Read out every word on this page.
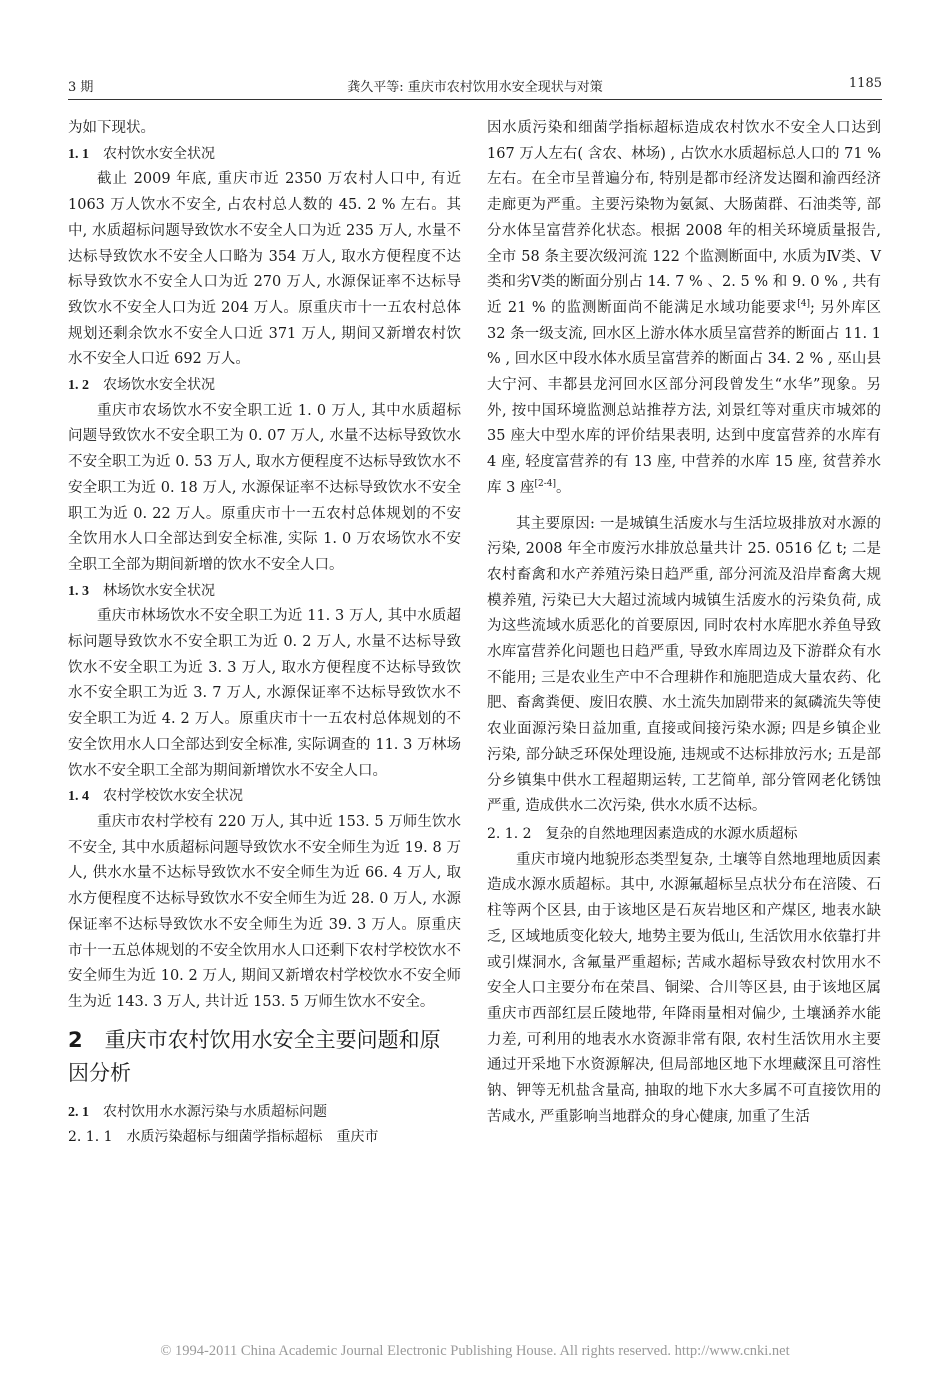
3 期	龚久平等: 重庆市农村饮用水安全现状与对策	1185

为如下现状。

1. 1 农村饮水安全状况

截止 2009 年底, 重庆市近 2350 万农村人口中, 有近 1063 万人饮水不安全, 占农村总人数的 45. 2 % 左右。其中, 水质超标问题导致饮水不安全人口为近 235 万人, 水量不达标导致饮水不安全人口略为 354 万人, 取水方便程度不达标导致饮水不安全人口为近 270 万人, 水源保证率不达标导致饮水不安全人口为近 204 万人。原重庆市十一五农村总体规划还剩余饮水不安全人口近 371 万人, 期间又新增农村饮水不安全人口近 692 万人。

1. 2 农场饮水安全状况

重庆市农场饮水不安全职工近 1. 0 万人, 其中水质超标问题导致饮水不安全职工为 0. 07 万人, 水量不达标导致饮水不安全职工为近 0. 53 万人, 取水方便程度不达标导致饮水不安全职工为近 0. 18 万人, 水源保证率不达标导致饮水不安全职工为近 0. 22 万人。原重庆市十一五农村总体规划的不安全饮用水人口全部达到安全标准, 实际 1. 0 万农场饮水不安全职工全部为期间新增的饮水不安全人口。

1. 3 林场饮水安全状况

重庆市林场饮水不安全职工为近 11. 3 万人, 其中水质超标问题导致饮水不安全职工为近 0. 2 万人, 水量不达标导致饮水不安全职工为近 3. 3 万人, 取水方便程度不达标导致饮水不安全职工为近 3. 7 万人, 水源保证率不达标导致饮水不安全职工为近 4. 2 万人。原重庆市十一五农村总体规划的不安全饮用水人口全部达到安全标准, 实际调查的 11. 3 万林场饮水不安全职工全部为期间新增饮水不安全人口。

1. 4 农村学校饮水安全状况

重庆市农村学校有 220 万人, 其中近 153. 5 万师生饮水不安全, 其中水质超标问题导致饮水不安全师生为近 19. 8 万人, 供水水量不达标导致饮水不安全师生为近 66. 4 万人, 取水方便程度不达标导致饮水不安全师生为近 28. 0 万人, 水源保证率不达标导致饮水不安全师生为近 39. 3 万人。原重庆市十一五总体规划的不安全饮用水人口还剩下农村学校饮水不安全师生为近 10. 2 万人, 期间又新增农村学校饮水不安全师生为近 143. 3 万人, 共计近 153. 5 万师生饮水不安全。

2 重庆市农村饮用水安全主要问题和原因分析
2. 1 农村饮用水水源污染与水质超标问题
2. 1. 1 水质污染超标与细菌学指标超标  重庆市

因水质污染和细菌学指标超标造成农村饮水不安全人口达到 167 万人左右( 含农、林场) , 占饮水水质超标总人口的 71 % 左右。在全市呈普遍分布, 特别是都市经济发达圈和渝西经济走廊更为严重。主要污染物为氨氮、大肠菌群、石油类等, 部分水体呈富营养化状态。根据 2008 年的相关环境质量报告, 全市 58 条主要次级河流 122 个监测断面中, 水质为Ⅳ类、Ⅴ类和劣Ⅴ类的断面分别占 14. 7 % 、2. 5 % 和 9. 0 % , 共有近 21 % 的监测断面尚不能满足水域功能要求[4]; 另外库区 32 条一级支流, 回水区上游水体水质呈富营养的断面占 11. 1 % , 回水区中段水体水质呈富营养的断面占 34. 2 % , 巫山县大宁河、丰都县龙河回水区部分河段曾发生“水华”现象。另外, 按中国环境监测总站推荐方法, 刘景红等对重庆市城郊的 35 座大中型水库的评价结果表明, 达到中度富营养的水库有 4 座, 轻度富营养的有 13 座, 中营养的水库 15 座, 贫营养水库 3 座[2-4]。

其主要原因: 一是城镇生活废水与生活垃圾排放对水源的污染, 2008 年全市废污水排放总量共计 25. 0516 亿 t; 二是农村畜禽和水产养殖污染日趋严重, 部分河流及沿岸畜禽大规模养殖, 污染已大大超过流域内城镇生活废水的污染负荷, 成为这些流域水质恶化的首要原因, 同时农村水库肥水养鱼导致水库富营养化问题也日趋严重, 导致水库周边及下游群众有水不能用; 三是农业生产中不合理耕作和施肥造成大量农药、化肥、畜禽粪便、废旧农膜、水土流失加剧带来的氮磷流失等使农业面源污染日益加重, 直接或间接污染水源; 四是乡镇企业污染, 部分缺乏环保处理设施, 违规或不达标排放污水; 五是部分乡镇集中供水工程超期运转, 工艺简单, 部分管网老化锈蚀严重, 造成供水二次污染, 供水水质不达标。

2. 1. 2 复杂的自然地理因素造成的水源水质超标

重庆市境内地貌形态类型复杂, 土壤等自然地理地质因素造成水源水质超标。其中, 水源氟超标呈点状分布在涪陵、石柱等两个区县, 由于该地区是石灰岩地区和产煤区, 地表水缺乏, 区域地质变化较大, 地势主要为低山, 生活饮用水依靠打井或引煤洞水, 含氟量严重超标; 苦咸水超标导致农村饮用水不安全人口主要分布在荣昌、铜梁、合川等区县, 由于该地区属重庆市西部红层丘陵地带, 年降雨量相对偏少, 土壤涵养水能力差, 可利用的地表水水资源非常有限, 农村生活饮用水主要通过开采地下水资源解决, 但局部地区地下水埋藏深且可溶性钠、钾等无机盐含量高, 抽取的地下水大多属不可直接饮用的苦咸水, 严重影响当地群众的身心健康, 加重了生活

© 1994-2011 China Academic Journal Electronic Publishing House. All rights reserved. http://www.cnki.net
